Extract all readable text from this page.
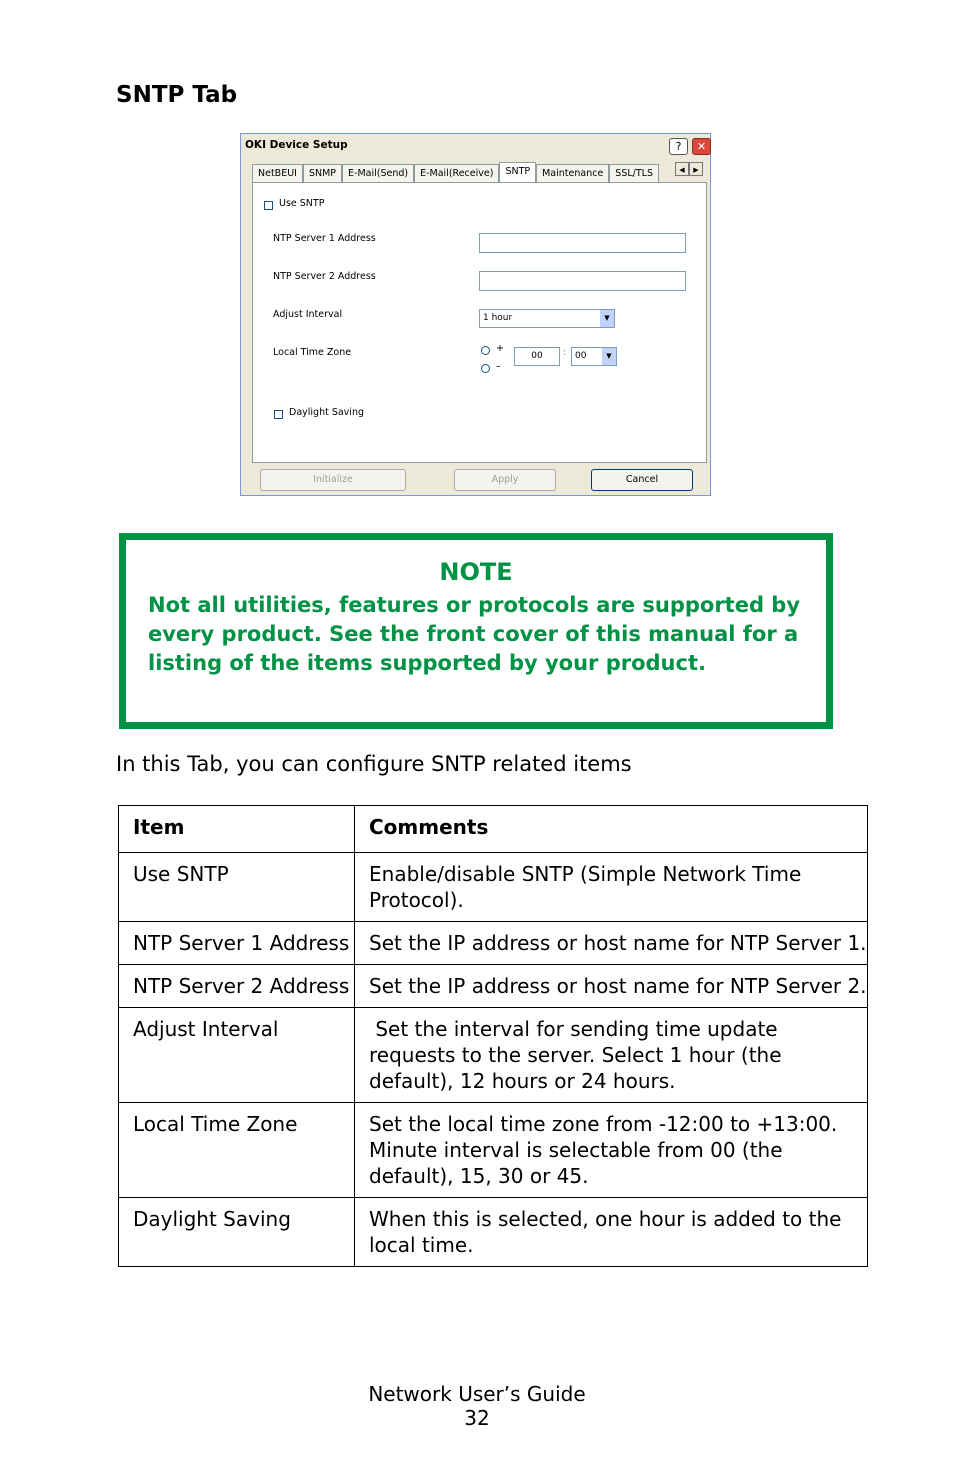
SNTP Tab
OKI Device Setup	?	✕
NetBEUI	SNMP	E-Mail(Send)	E-Mail(Receive)	SNTP	Maintenance	SSL/TLS	◀	▶
Use SNTP
NTP Server 1 Address
NTP Server 2 Address
Adjust Interval	1 hour	▼
Local Time Zone	+
–
00	: 00	▼
Daylight Saving
Initialize	Apply	Cancel
NOTE
Not all utilities, features or protocols are supported by every product. See the front cover of this manual for a listing of the items supported by your product.
In this Tab, you can configure SNTP related items
Item	Comments
Use SNTP	Enable/disable SNTP (Simple Network Time Protocol).
NTP Server 1 Address	Set the IP address or host name for NTP Server 1.
NTP Server 2 Address	Set the IP address or host name for NTP Server 2.
Adjust Interval	Set the interval for sending time update requests to the server. Select 1 hour (the default), 12 hours or 24 hours.
Local Time Zone	Set the local time zone from -12:00 to +13:00. Minute interval is selectable from 00 (the default), 15, 30 or 45.
Daylight Saving	When this is selected, one hour is added to the local time.
Network User’s Guide
32
